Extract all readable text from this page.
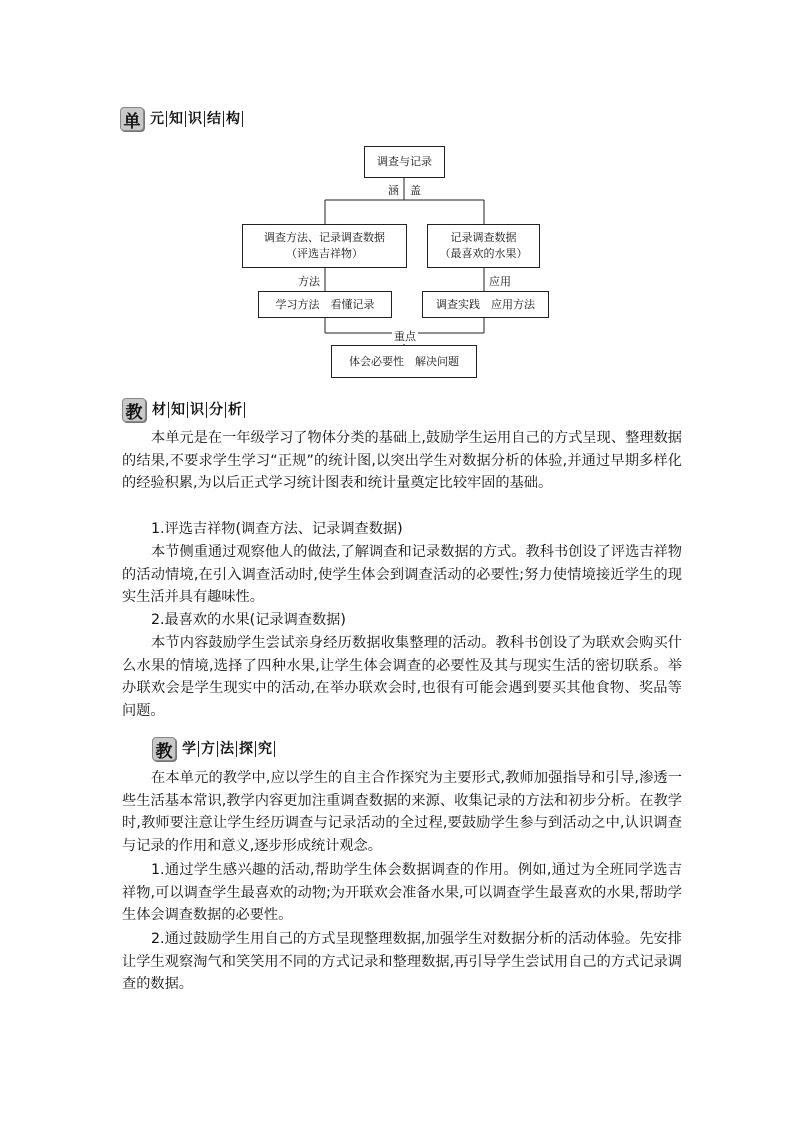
单 元 知 识 结 构
调查与记录
涵　盖
调查方法、记录调查数据
（评选吉祥物）
记录调查数据
（最喜欢的水果）
方法	应用
学习方法　看懂记录	调查实践　应用方法
重点
体会必要性　解决问题
教 材 知 识 分 析

本单元是在一年级学习了物体分类的基础上,鼓励学生运用自己的方式呈现、整理数据的结果,不要求学生学习“正规”的统计图,以突出学生对数据分析的体验,并通过早期多样化的经验积累,为以后正式学习统计图表和统计量奠定比较牢固的基础。

1.评选吉祥物(调查方法、记录调查数据)

本节侧重通过观察他人的做法,了解调查和记录数据的方式。教科书创设了评选吉祥物的活动情境,在引入调查活动时,使学生体会到调查活动的必要性;努力使情境接近学生的现实生活并具有趣味性。

2.最喜欢的水果(记录调查数据)

本节内容鼓励学生尝试亲身经历数据收集整理的活动。教科书创设了为联欢会购买什么水果的情境,选择了四种水果,让学生体会调查的必要性及其与现实生活的密切联系。举办联欢会是学生现实中的活动,在举办联欢会时,也很有可能会遇到要买其他食物、奖品等问题。

教 学 方 法 探 究

在本单元的教学中,应以学生的自主合作探究为主要形式,教师加强指导和引导,渗透一些生活基本常识,教学内容更加注重调查数据的来源、收集记录的方法和初步分析。在教学时,教师要注意让学生经历调查与记录活动的全过程,要鼓励学生参与到活动之中,认识调查与记录的作用和意义,逐步形成统计观念。

1.通过学生感兴趣的活动,帮助学生体会数据调查的作用。例如,通过为全班同学选吉祥物,可以调查学生最喜欢的动物;为开联欢会准备水果,可以调查学生最喜欢的水果,帮助学生体会调查数据的必要性。

2.通过鼓励学生用自己的方式呈现整理数据,加强学生对数据分析的活动体验。先安排让学生观察淘气和笑笑用不同的方式记录和整理数据,再引导学生尝试用自己的方式记录调查的数据。
